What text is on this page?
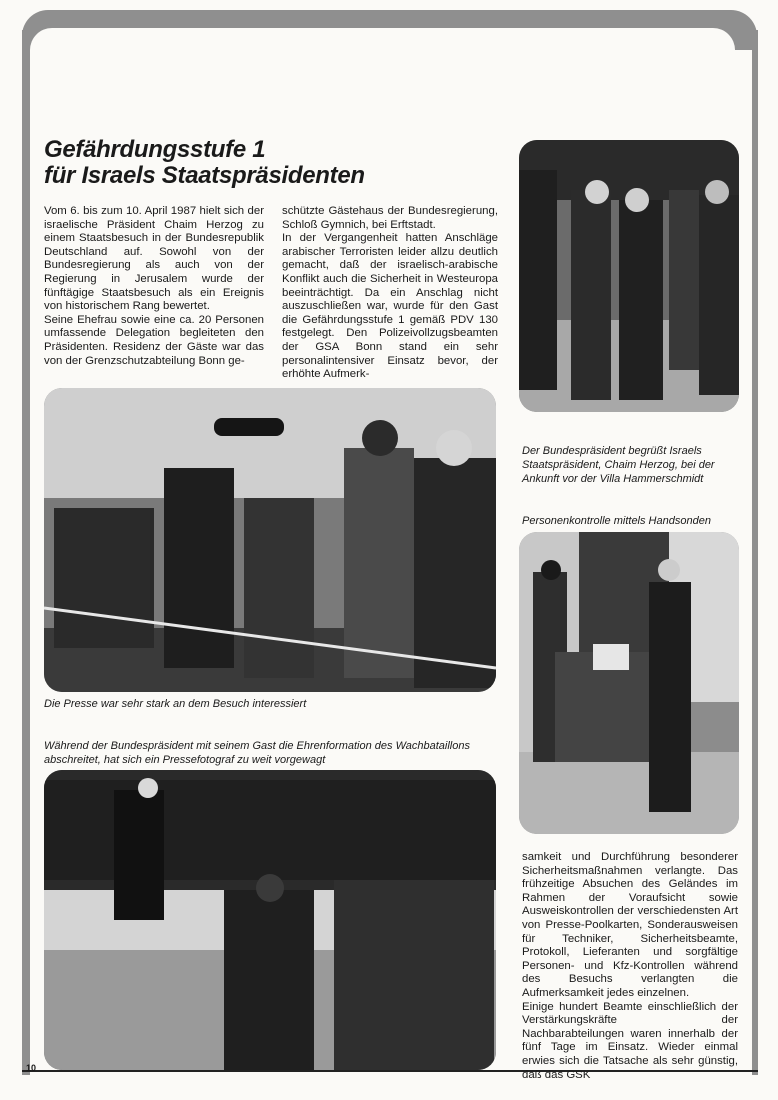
Gefährdungsstufe 1
für Israels Staatspräsidenten

Vom 6. bis zum 10. April 1987 hielt sich der israelische Präsident Chaim Herzog zu einem Staatsbesuch in der Bundesrepublik Deutschland auf. Sowohl von der Bundesregierung als auch von der Regierung in Jerusalem wurde der fünftägige Staatsbesuch als ein Ereignis von historischem Rang bewertet.

Seine Ehefrau sowie eine ca. 20 Personen umfassende Delegation begleiteten den Präsidenten. Residenz der Gäste war das von der Grenzschutzabteilung Bonn ge-

schützte Gästehaus der Bundesregierung, Schloß Gymnich, bei Erftstadt.

In der Vergangenheit hatten Anschläge arabischer Terroristen leider allzu deutlich gemacht, daß der israelisch-arabische Konflikt auch die Sicherheit in Westeuropa beeinträchtigt. Da ein Anschlag nicht auszuschließen war, wurde für den Gast die Gefährdungsstufe 1 gemäß PDV 130 festgelegt. Den Polizeivollzugsbeamten der GSA Bonn stand ein sehr personalintensiver Einsatz bevor, der erhöhte Aufmerk-

Der Bundespräsident begrüßt Israels Staatspräsident, Chaim Herzog, bei der Ankunft vor der Villa Hammerschmidt
Personenkontrolle mittels Handsonden
Die Presse war sehr stark an dem Besuch interessiert
Während der Bundespräsident mit seinem Gast die Ehrenformation des Wachbataillons abschreitet, hat sich ein Pressefotograf zu weit vorgewagt

samkeit und Durchführung besonderer Sicherheitsmaßnahmen verlangte. Das frühzeitige Absuchen des Geländes im Rahmen der Voraufsicht sowie Ausweiskontrollen der verschiedensten Art von Presse-Poolkarten, Sonderausweisen für Techniker, Sicherheitsbeamte, Protokoll, Lieferanten und sorgfältige Personen- und Kfz-Kontrollen während des Besuchs verlangten die Aufmerksamkeit jedes einzelnen.

Einige hundert Beamte einschließlich der Verstärkungskräfte der Nachbarabteilungen waren innerhalb der fünf Tage im Einsatz. Wieder einmal erwies sich die Tatsache als sehr günstig, daß das GSK

10
